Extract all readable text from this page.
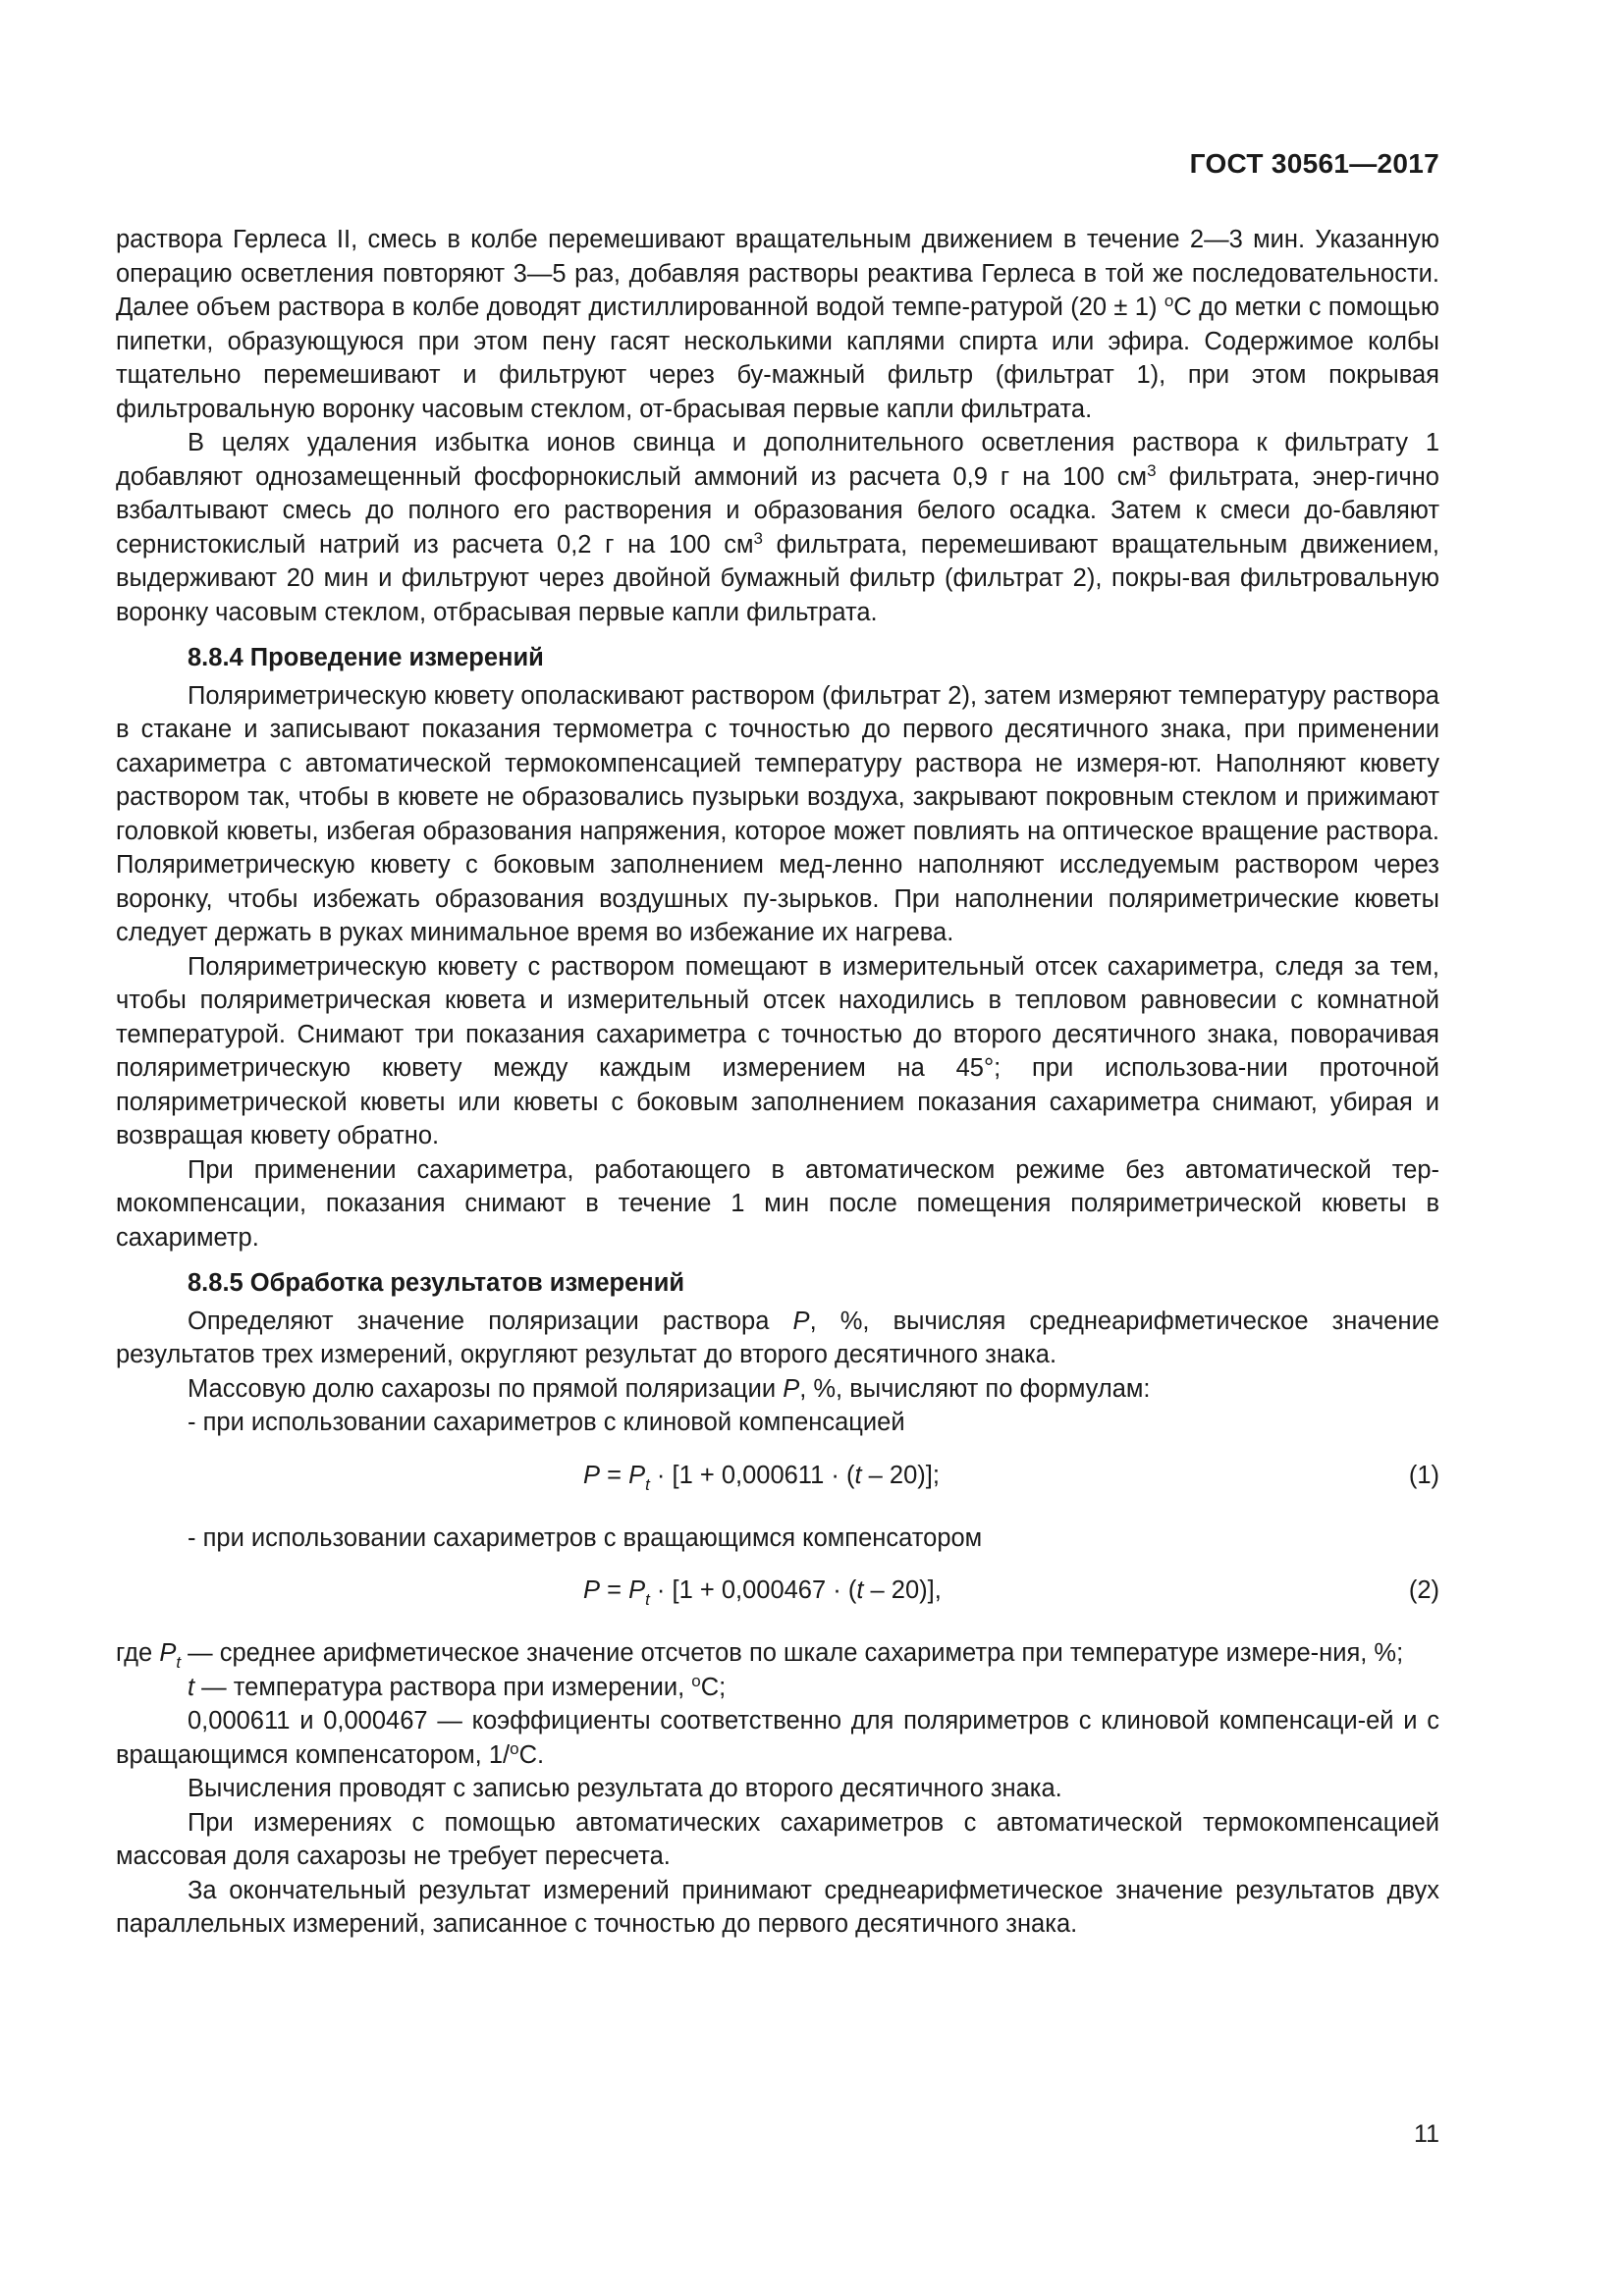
ГОСТ 30561—2017

раствора Герлеса II, смесь в колбе перемешивают вращательным движением в течение 2—3 мин. Указанную операцию осветления повторяют 3—5 раз, добавляя растворы реактива Герлеса в той же последовательности. Далее объем раствора в колбе доводят дистиллированной водой темпе-ратурой (20 ± 1) $^о$С до метки с помощью пипетки, образующуюся при этом пену гасят несколькими каплями спирта или эфира. Содержимое колбы тщательно перемешивают и фильтруют через бу-мажный фильтр (фильтрат 1), при этом покрывая фильтровальную воронку часовым стеклом, от-брасывая первые капли фильтрата.

В целях удаления избытка ионов свинца и дополнительного осветления раствора к фильтрату 1 добавляют однозамещенный фосфорнокислый аммоний из расчета 0,9 г на 100 $см^3$ фильтрата, энер-гично взбалтывают смесь до полного его растворения и образования белого осадка. Затем к смеси до-бавляют сернистокислый натрий из расчета 0,2 г на 100 $см^3$ фильтрата, перемешивают вращательным движением, выдерживают 20 мин и фильтруют через двойной бумажный фильтр (фильтрат 2), покры-вая фильтровальную воронку часовым стеклом, отбрасывая первые капли фильтрата.

8.8.4 Проведение измерений

Поляриметрическую кювету ополаскивают раствором (фильтрат 2), затем измеряют температуру раствора в стакане и записывают показания термометра с точностью до первого десятичного знака, при применении сахариметра с автоматической термокомпенсацией температуру раствора не измеря-ют. Наполняют кювету раствором так, чтобы в кювете не образовались пузырьки воздуха, закрывают покровным стеклом и прижимают головкой кюветы, избегая образования напряжения, которое может повлиять на оптическое вращение раствора. Поляриметрическую кювету с боковым заполнением мед-ленно наполняют исследуемым раствором через воронку, чтобы избежать образования воздушных пу-зырьков. При наполнении поляриметрические кюветы следует держать в руках минимальное время во избежание их нагрева.

Поляриметрическую кювету с раствором помещают в измерительный отсек сахариметра, следя за тем, чтобы поляриметрическая кювета и измерительный отсек находились в тепловом равновесии с комнатной температурой. Снимают три показания сахариметра с точностью до второго десятичного знака, поворачивая поляриметрическую кювету между каждым измерением на 45°; при использова-нии проточной поляриметрической кюветы или кюветы с боковым заполнением показания сахариметра снимают, убирая и возвращая кювету обратно.

При применении сахариметра, работающего в автоматическом режиме без автоматической тер-мокомпенсации, показания снимают в течение 1 мин после помещения поляриметрической кюветы в сахариметр.

8.8.5 Обработка результатов измерений

Определяют значение поляризации раствора P, %, вычисляя среднеарифметическое значение результатов трех измерений, округляют результат до второго десятичного знака.

Массовую долю сахарозы по прямой поляризации P, %, вычисляют по формулам:

- при использовании сахариметров с клиновой компенсацией

$P = P_t \cdot [1 + 0,000611 \cdot (t - 20)]$;	(1)

- при использовании сахариметров с вращающимся компенсатором

$P = P_t \cdot [1 + 0,000467 \cdot (t - 20)]$,	(2)

где $P_t$ — среднее арифметическое значение отсчетов по шкале сахариметра при температуре измере-ния, %;

t — температура раствора при измерении, $^о$С;

0,000611 и 0,000467 — коэффициенты соответственно для поляриметров с клиновой компенсаци-ей и с вращающимся компенсатором, 1/$^о$С.

Вычисления проводят с записью результата до второго десятичного знака.

При измерениях с помощью автоматических сахариметров с автоматической термокомпенсацией массовая доля сахарозы не требует пересчета.

За окончательный результат измерений принимают среднеарифметическое значение результатов двух параллельных измерений, записанное с точностью до первого десятичного знака.

11
